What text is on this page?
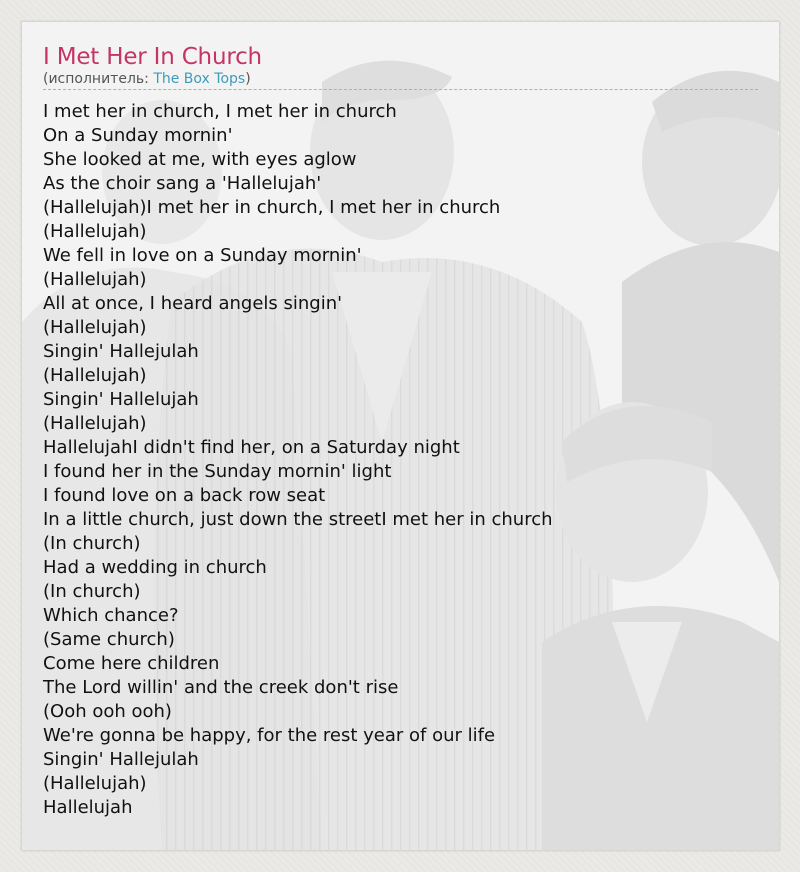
I Met Her In Church
(исполнитель: The Box Tops)
I met her in church, I met her in church
On a Sunday mornin'
She looked at me, with eyes aglow
As the choir sang a 'Hallelujah'
(Hallelujah)I met her in church, I met her in church
(Hallelujah)
We fell in love on a Sunday mornin'
(Hallelujah)
All at once, I heard angels singin'
(Hallelujah)
Singin' Hallejulah
(Hallelujah)
Singin' Hallelujah
(Hallelujah)
HallelujahI didn't find her, on a Saturday night
I found her in the Sunday mornin' light
I found love on a back row seat
In a little church, just down the streetI met her in church
(In church)
Had a wedding in church
(In church)
Which chance?
(Same church)
Come here children
The Lord willin' and the creek don't rise
(Ooh ooh ooh)
We're gonna be happy, for the rest year of our life
Singin' Hallejulah
(Hallelujah)
Hallelujah
